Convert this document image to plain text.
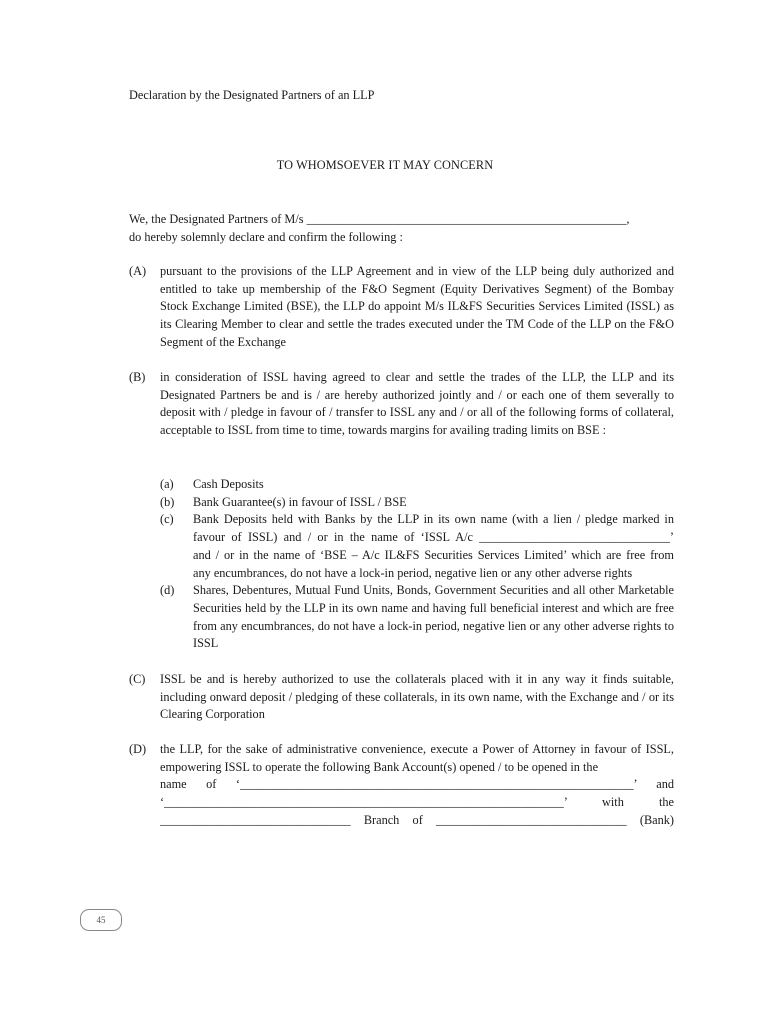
Declaration by the Designated Partners of an LLP
TO WHOMSOEVER IT MAY CONCERN
We, the Designated Partners of M/s ____________________________________________________,
do hereby solemnly declare and confirm the following :
(A) pursuant to the provisions of the LLP Agreement and in view of the LLP being duly authorized and entitled to take up membership of the F&O Segment (Equity Derivatives Segment) of the Bombay Stock Exchange Limited (BSE), the LLP do appoint M/s IL&FS Securities Services Limited (ISSL) as its Clearing Member to clear and settle the trades executed under the TM Code of the LLP on the F&O Segment of the Exchange
(B) in consideration of ISSL having agreed to clear and settle the trades of the LLP, the LLP and its Designated Partners be and is / are hereby authorized jointly and / or each one of them severally to deposit with / pledge in favour of / transfer to ISSL any and / or all of the following forms of collateral, acceptable to ISSL from time to time, towards margins for availing trading limits on BSE :
(a) Cash Deposits
(b) Bank Guarantee(s) in favour of ISSL / BSE
(c) Bank Deposits held with Banks by the LLP in its own name (with a lien / pledge marked in
favour of ISSL) and / or in the name of ‘ISSL A/c _______________________________’
and / or in the name of ‘BSE – A/c IL&FS Securities Services Limited’ which are free from
any encumbrances, do not have a lock-in period, negative lien or any other adverse rights
(d) Shares, Debentures, Mutual Fund Units, Bonds, Government Securities and all other Marketable Securities held by the LLP in its own name and having full beneficial interest and which are free from any encumbrances, do not have a lock-in period, negative lien or any other adverse rights to ISSL
(C) ISSL be and is hereby authorized to use the collaterals placed with it in any way it finds suitable, including onward deposit / pledging of these collaterals, in its own name, with the Exchange and / or its Clearing Corporation
(D) the LLP, for the sake of administrative convenience, execute a Power of Attorney in favour of ISSL, empowering ISSL to operate the following Bank Account(s) opened / to be opened in the
name of ‘________________________________________________________________’ and
‘_________________________________________________________________’ with the
_______________________________ Branch of _______________________________ (Bank)
45
